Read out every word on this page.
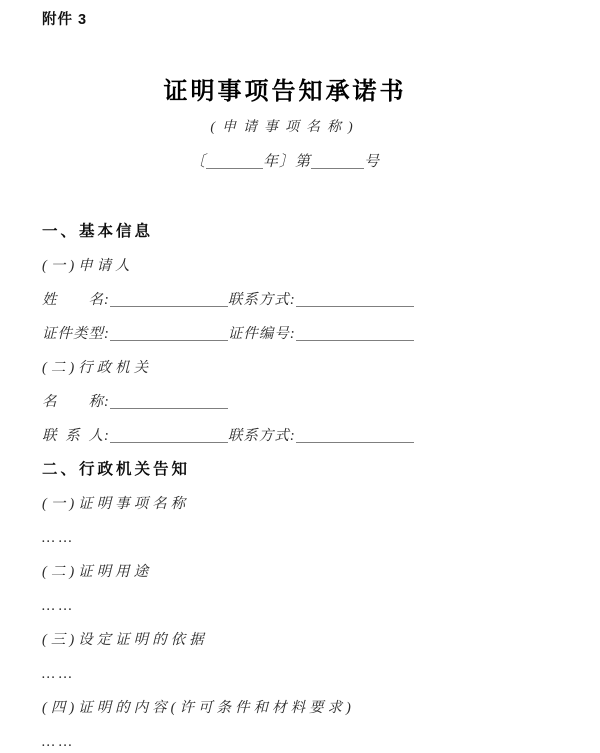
附件 3
证明事项告知承诺书
(申请事项名称)
〔	年〕第	号
一、基本信息
(一)申请人
姓名:	联系方式:
证件类型:	证件编号:
(二)行政机关
名称:
联系人:	联系方式:
二、行政机关告知
(一)证明事项名称
……
(二)证明用途
……
(三)设定证明的依据
……
(四)证明的内容(许可条件和材料要求)
……
